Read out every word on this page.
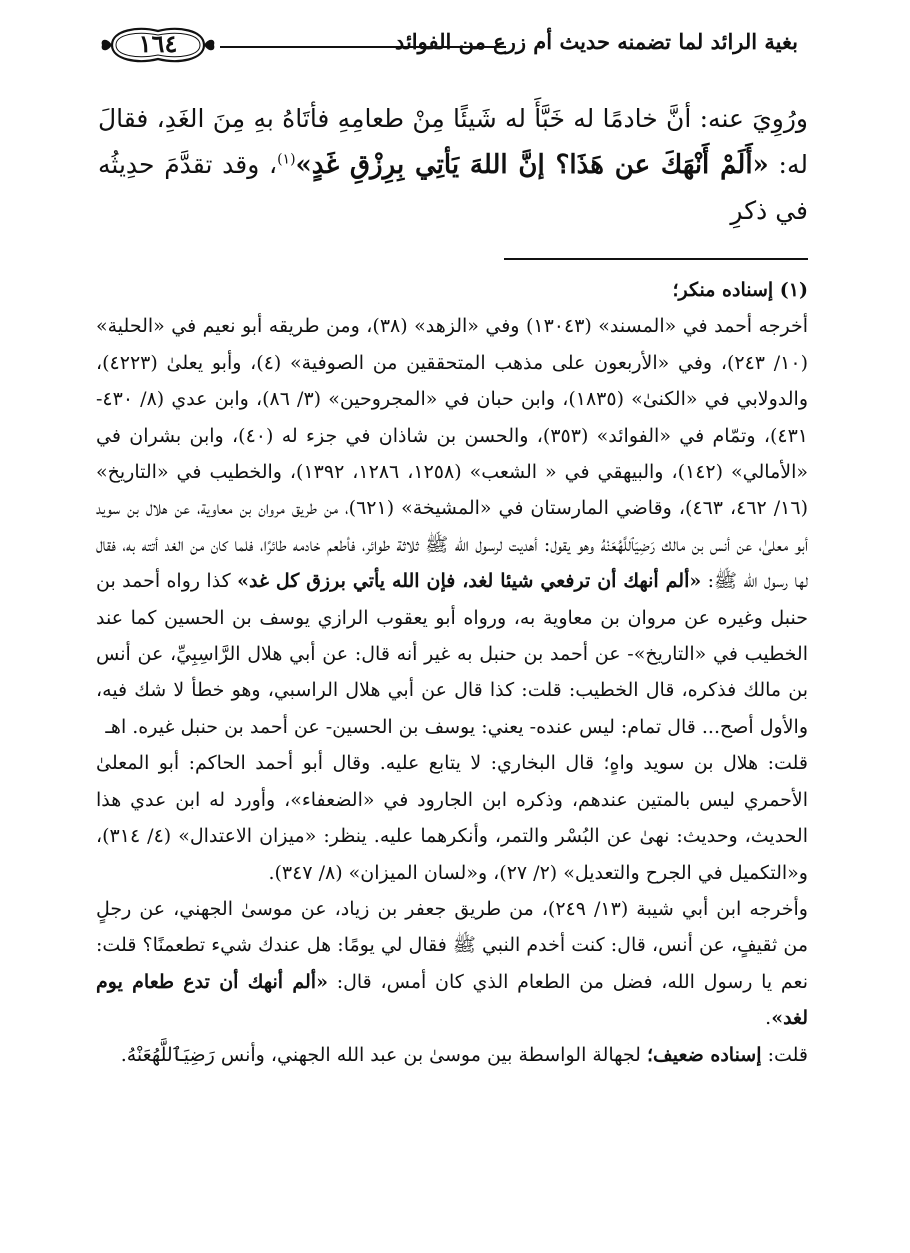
١٦٤	بغية الرائد لما تضمنه حديث أم زرع من الفوائد
ورُوِيَ عنه: أنَّ خادمًا له خَبَّأَ له شَيئًا مِنْ طعامِهِ فأتَاهُ بهِ مِنَ الغَدِ، فقالَ له: «أَلَمْ أَنْهَكَ عن هَذَا؟ إنَّ اللهَ يَأتِي بِرِزْقِ غَدٍ»$^{(١)}$، وقد تقدَّمَ حدِيثُه في ذكرِ

(١) إسناده منكر؛

أخرجه أحمد في «المسند» (١٣٠٤٣) وفي «الزهد» (٣٨)، ومن طريقه أبو نعيم في «الحلية» (١٠/ ٢٤٣)، وفي «الأربعون على مذهب المتحققين من الصوفية» (٤)، وأبو يعلىٰ (٤٢٢٣)، والدولابي في «الكنىٰ» (١٨٣٥)، وابن حبان في «المجروحين» (٣/ ٨٦)، وابن عدي (٨/ ٤٣٠- ٤٣١)، وتمّام في «الفوائد» (٣٥٣)، والحسن بن شاذان في جزء له (٤٠)، وابن بشران في «الأمالي» (١٤٢)، والبيهقي في « الشعب» (١٢٥٨، ١٢٨٦، ١٣٩٢)، والخطيب في «التاريخ» (١٦/ ٤٦٢، ٤٦٣)، وقاضي المارستان في «المشيخة» (٦٢١)، من طريق مروان بن معاوية، عن هلال بن سويد أبو معلىٰ، عن أنس بن مالك رَضِيَٱللَّهُعَنْهُ وهو يقول: أهديت لرسول الله ﷺ ثلاثة طوائر، فأطعم خادمه طائرًا، فلما كان من الغد أتته به، فقال لها رسول الله ﷺ: «ألم أنهك أن ترفعي شيئا لغد، فإن الله يأتي برزق كل غد» كذا رواه أحمد بن حنبل وغيره عن مروان بن معاوية به، ورواه أبو يعقوب الرازي يوسف بن الحسين كما عند الخطيب في «التاريخ»- عن أحمد بن حنبل به غير أنه قال: عن أبي هلال الرَّاسِبِيِّ، عن أنس بن مالك فذكره، قال الخطيب: قلت: كذا قال عن أبي هلال الراسبي، وهو خطأ لا شك فيه، والأول أصح... قال تمام: ليس عنده- يعني: يوسف بن الحسين- عن أحمد بن حنبل غيره. اهـ

قلت: هلال بن سويد واهٍ؛ قال البخاري: لا يتابع عليه. وقال أبو أحمد الحاكم: أبو المعلىٰ الأحمري ليس بالمتين عندهم، وذكره ابن الجارود في «الضعفاء»، وأورد له ابن عدي هذا الحديث، وحديث: نهىٰ عن البُسْر والتمر، وأنكرهما عليه. ينظر: «ميزان الاعتدال» (٤/ ٣١٤)، و«التكميل في الجرح والتعديل» (٢/ ٢٧)، و«لسان الميزان» (٨/ ٣٤٧).

وأخرجه ابن أبي شيبة (١٣/ ٢٤٩)، من طريق جعفر بن زياد، عن موسىٰ الجهني، عن رجلٍ من ثقيفٍ، عن أنس، قال: كنت أخدم النبي ﷺ فقال لي يومًا: هل عندك شيء تطعمنًا؟ قلت: نعم يا رسول الله، فضل من الطعام الذي كان أمس، قال: «ألم أنهك أن تدع طعام يوم لغد».

قلت: إسناده ضعيف؛ لجهالة الواسطة بين موسىٰ بن عبد الله الجهني، وأنس رَضِيَٱللَّهُعَنْهُ.
